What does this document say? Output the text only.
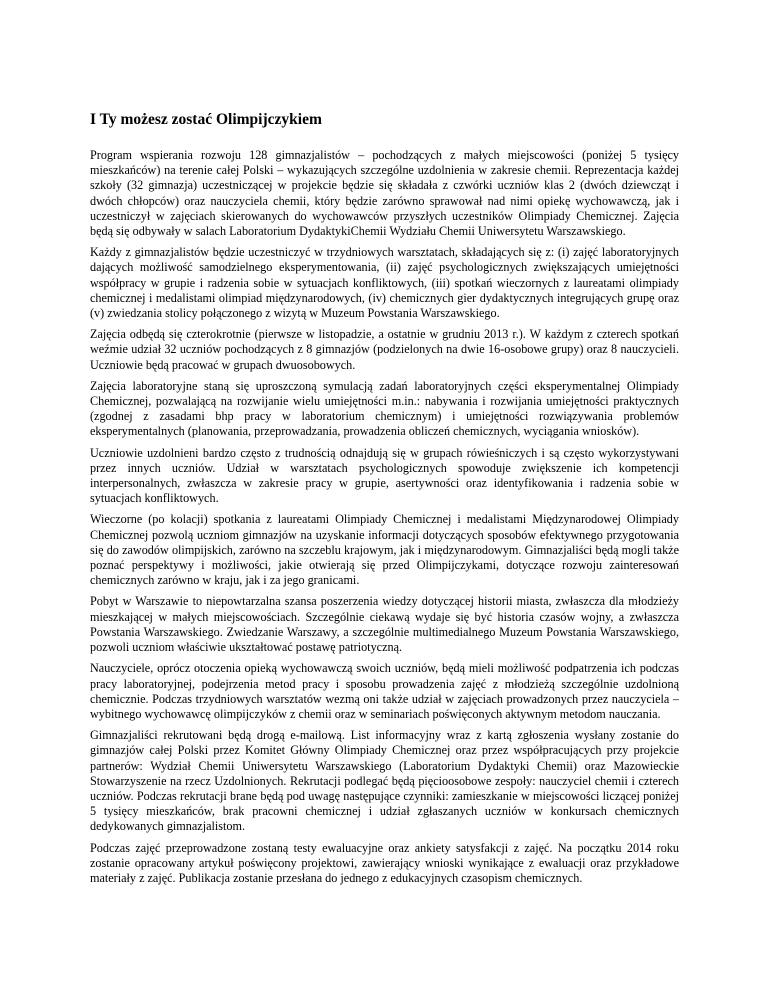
I Ty możesz zostać Olimpijczykiem

Program wspierania rozwoju 128 gimnazjalistów – pochodzących z małych miejscowości (poniżej 5 tysięcy mieszkańców) na terenie całej Polski – wykazujących szczególne uzdolnienia w zakresie chemii. Reprezentacja każdej szkoły (32 gimnazja) uczestniczącej w projekcie będzie się składała z czwórki uczniów klas 2 (dwóch dziewcząt i dwóch chłopców) oraz nauczyciela chemii, który będzie zarówno sprawował nad nimi opiekę wychowawczą, jak i uczestniczył w zajęciach skierowanych do wychowawców przyszłych uczestników Olimpiady Chemicznej. Zajęcia będą się odbywały w salach Laboratorium DydaktykiChemii Wydziału Chemii Uniwersytetu Warszawskiego.

Każdy z gimnazjalistów będzie uczestniczyć w trzydniowych warsztatach, składających się z: (i) zajęć laboratoryjnych dających możliwość samodzielnego eksperymentowania, (ii) zajęć psychologicznych zwiększających umiejętności współpracy w grupie i radzenia sobie w sytuacjach konfliktowych, (iii) spotkań wieczornych z laureatami olimpiady chemicznej i medalistami olimpiad międzynarodowych, (iv) chemicznych gier dydaktycznych integrujących grupę oraz (v) zwiedzania stolicy połączonego z wizytą w Muzeum Powstania Warszawskiego.

Zajęcia odbędą się czterokrotnie (pierwsze w listopadzie, a ostatnie w grudniu 2013 r.). W każdym z czterech spotkań weźmie udział 32 uczniów pochodzących z 8 gimnazjów (podzielonych na dwie 16-osobowe grupy) oraz 8 nauczycieli. Uczniowie będą pracować w grupach dwuosobowych.

Zajęcia laboratoryjne staną się uproszczoną symulacją zadań laboratoryjnych części eksperymentalnej Olimpiady Chemicznej, pozwalającą na rozwijanie wielu umiejętności m.in.: nabywania i rozwijania umiejętności praktycznych (zgodnej z zasadami bhp pracy w laboratorium chemicznym) i umiejętności rozwiązywania problemów eksperymentalnych (planowania, przeprowadzania, prowadzenia obliczeń chemicznych, wyciągania wniosków).

Uczniowie uzdolnieni bardzo często z trudnością odnajdują się w grupach rówieśniczych i są często wykorzystywani przez innych uczniów. Udział w warsztatach psychologicznych spowoduje zwiększenie ich kompetencji interpersonalnych, zwłaszcza w zakresie pracy w grupie, asertywności oraz identyfikowania i radzenia sobie w sytuacjach konfliktowych.

Wieczorne (po kolacji) spotkania z laureatami Olimpiady Chemicznej i medalistami Międzynarodowej Olimpiady Chemicznej pozwolą uczniom gimnazjów na uzyskanie informacji dotyczących sposobów efektywnego przygotowania się do zawodów olimpijskich, zarówno na szczeblu krajowym, jak i międzynarodowym. Gimnazjaliści będą mogli także poznać perspektywy i możliwości, jakie otwierają się przed Olimpijczykami, dotyczące rozwoju zainteresowań chemicznych zarówno w kraju, jak i za jego granicami.

Pobyt w Warszawie to niepowtarzalna szansa poszerzenia wiedzy dotyczącej historii miasta, zwłaszcza dla młodzieży mieszkającej w małych miejscowościach. Szczególnie ciekawą wydaje się być historia czasów wojny, a zwłaszcza Powstania Warszawskiego. Zwiedzanie Warszawy, a szczególnie multimedialnego Muzeum Powstania Warszawskiego, pozwoli uczniom właściwie ukształtować postawę patriotyczną.

Nauczyciele, oprócz otoczenia opieką wychowawczą swoich uczniów, będą mieli możliwość podpatrzenia ich podczas pracy laboratoryjnej, podejrzenia metod pracy i sposobu prowadzenia zajęć z młodzieżą szczególnie uzdolnioną chemicznie. Podczas trzydniowych warsztatów wezmą oni także udział w zajęciach prowadzonych przez nauczyciela – wybitnego wychowawcę olimpijczyków z chemii oraz w seminariach poświęconych aktywnym metodom nauczania.

Gimnazjaliści rekrutowani będą drogą e-mailową. List informacyjny wraz z kartą zgłoszenia wysłany zostanie do gimnazjów całej Polski przez Komitet Główny Olimpiady Chemicznej oraz przez współpracujących przy projekcie partnerów: Wydział Chemii Uniwersytetu Warszawskiego (Laboratorium Dydaktyki Chemii) oraz Mazowieckie Stowarzyszenie na rzecz Uzdolnionych. Rekrutacji podlegać będą pięcioosobowe zespoły: nauczyciel chemii i czterech uczniów. Podczas rekrutacji brane będą pod uwagę następujące czynniki: zamieszkanie w miejscowości liczącej poniżej 5 tysięcy mieszkańców, brak pracowni chemicznej i udział zgłaszanych uczniów w konkursach chemicznych dedykowanych gimnazjalistom.

Podczas zajęć przeprowadzone zostaną testy ewaluacyjne oraz ankiety satysfakcji z zajęć. Na początku 2014 roku zostanie opracowany artykuł poświęcony projektowi, zawierający wnioski wynikające z ewaluacji oraz przykładowe materiały z zajęć. Publikacja zostanie przesłana do jednego z edukacyjnych czasopism chemicznych.
